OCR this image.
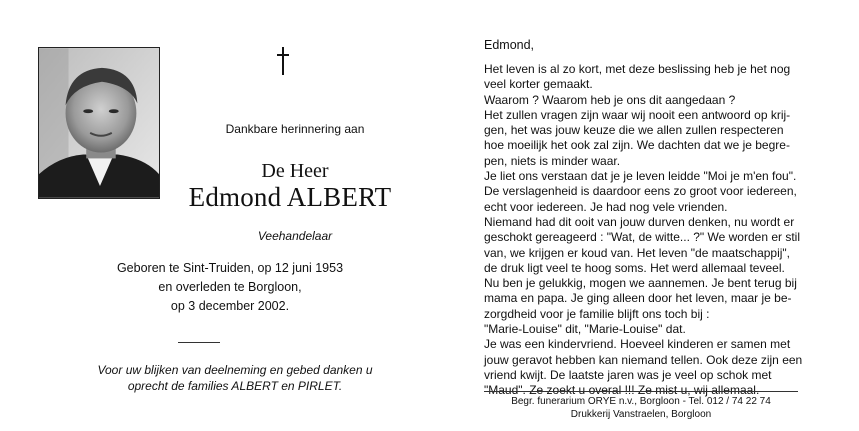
Dankbare herinnering aan
De Heer
Edmond ALBERT
Veehandelaar
Geboren te Sint-Truiden, op 12 juni 1953
en overleden te Borgloon,
op 3 december 2002.
Voor uw blijken van deelneming en gebed danken u
oprecht de families ALBERT en PIRLET.
Edmond,
Het leven is al zo kort, met deze beslissing heb je het nog
veel korter gemaakt.
Waarom ? Waarom heb je ons dit aangedaan ?
Het zullen vragen zijn waar wij nooit een antwoord op krij-
gen, het was jouw keuze die we allen zullen respecteren
hoe moeilijk het ook zal zijn. We dachten dat we je begre-
pen, niets is minder waar.
Je liet ons verstaan dat je je leven leidde "Moi je m'en fou".
De verslagenheid is daardoor eens zo groot voor iedereen,
echt voor iedereen. Je had nog vele vrienden.
Niemand had dit ooit van jouw durven denken, nu wordt er
geschokt gereageerd : "Wat, de witte... ?" We worden er stil
van, we krijgen er koud van. Het leven "de maatschappij",
de druk ligt veel te hoog soms. Het werd allemaal teveel.
Nu ben je gelukkig, mogen we aannemen. Je bent terug bij
mama en papa. Je ging alleen door het leven, maar je be-
zorgdheid voor je familie blijft ons toch bij :
"Marie-Louise" dit, "Marie-Louise" dat.
Je was een kindervriend. Hoeveel kinderen er samen met
jouw geravot hebben kan niemand tellen. Ook deze zijn een
vriend kwijt. De laatste jaren was je veel op schok met
Begr. funerarium ORYE n.v., Borgloon - Tel. 012 / 74 22 74
Drukkerij Vanstraelen, Borgloon
